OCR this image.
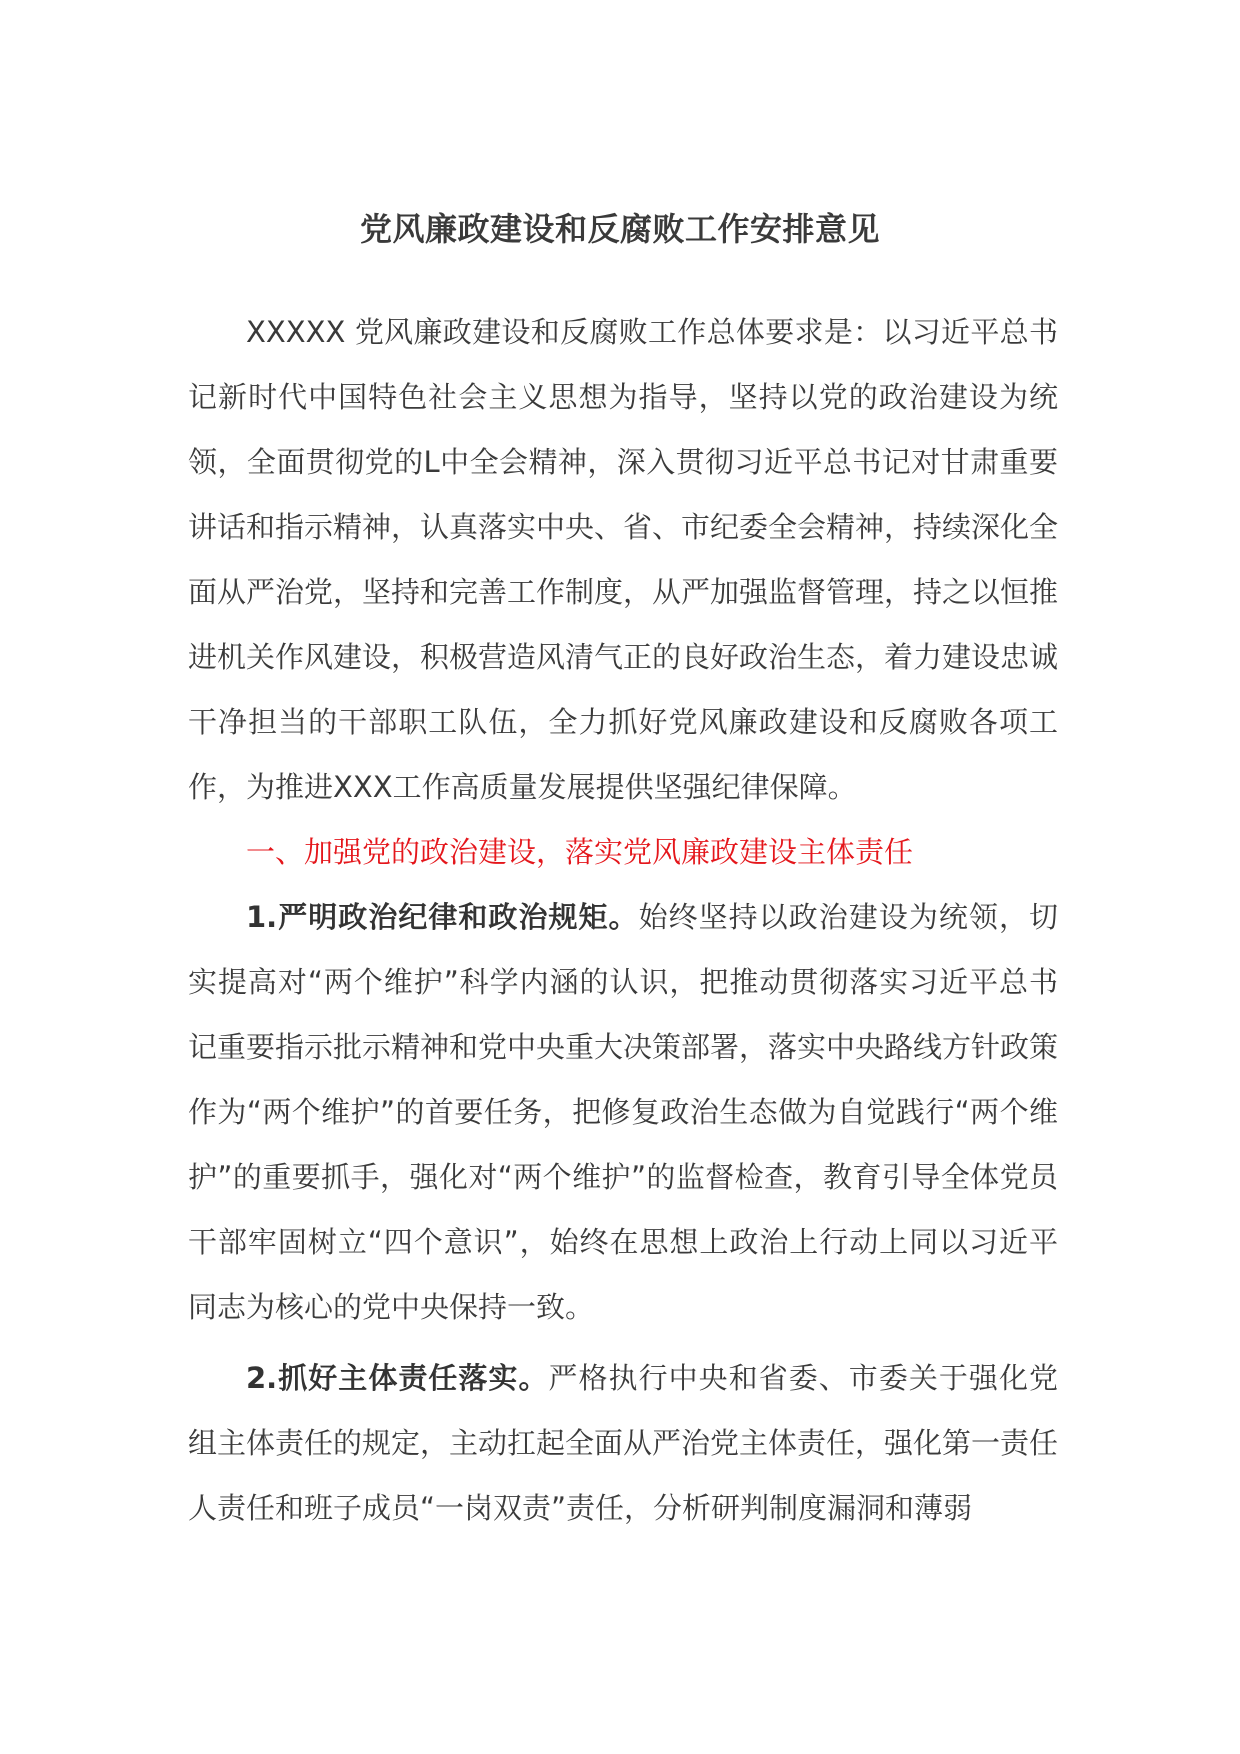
党风廉政建设和反腐败工作安排意见

XXXXX 党风廉政建设和反腐败工作总体要求是：以习近平总书记新时代中国特色社会主义思想为指导，坚持以党的政治建设为统领，全面贯彻党的L中全会精神，深入贯彻习近平总书记对甘肃重要讲话和指示精神，认真落实中央、省、市纪委全会精神，持续深化全面从严治党，坚持和完善工作制度，从严加强监督管理，持之以恒推进机关作风建设，积极营造风清气正的良好政治生态，着力建设忠诚干净担当的干部职工队伍，全力抓好党风廉政建设和反腐败各项工作，为推进XXX工作高质量发展提供坚强纪律保障。

一、加强党的政治建设，落实党风廉政建设主体责任

1.严明政治纪律和政治规矩。始终坚持以政治建设为统领，切实提高对“两个维护”科学内涵的认识，把推动贯彻落实习近平总书记重要指示批示精神和党中央重大决策部署，落实中央路线方针政策作为“两个维护”的首要任务，把修复政治生态做为自觉践行“两个维护”的重要抓手，强化对“两个维护”的监督检查，教育引导全体党员干部牢固树立“四个意识”，始终在思想上政治上行动上同以习近平同志为核心的党中央保持一致。

2.抓好主体责任落实。严格执行中央和省委、市委关于强化党组主体责任的规定，主动扛起全面从严治党主体责任，强化第一责任人责任和班子成员“一岗双责”责任，分析研判制度漏洞和薄弱
